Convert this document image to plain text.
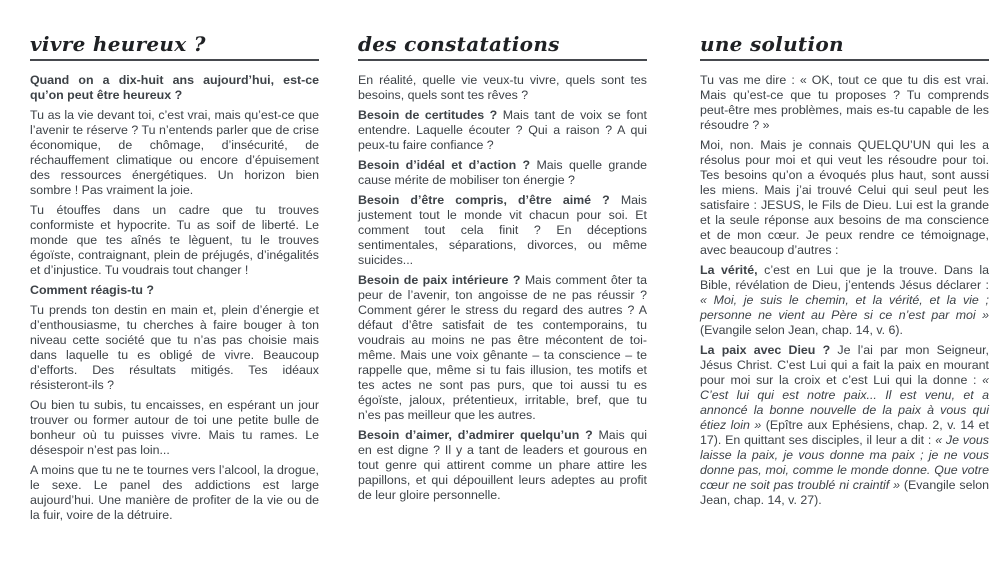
vivre heureux ?

Quand on a dix-huit ans aujourd’hui, est-ce qu’on peut être heureux ?

Tu as la vie devant toi, c’est vrai, mais qu’est-ce que l’avenir te réserve ? Tu n’entends parler que de crise économique, de chômage, d’insécurité, de réchauffement climatique ou encore d’épuisement des ressources énergétiques. Un horizon bien sombre ! Pas vraiment la joie.

Tu étouffes dans un cadre que tu trouves conformiste et hypocrite. Tu as soif de liberté. Le monde que tes aînés te lèguent, tu le trouves égoïste, contraignant, plein de préjugés, d’inégalités et d’injustice. Tu voudrais tout changer !

Comment réagis-tu ?

Tu prends ton destin en main et, plein d’énergie et d’enthousiasme, tu cherches à faire bouger à ton niveau cette société que tu n’as pas choisie mais dans laquelle tu es obligé de vivre. Beaucoup d’efforts. Des résultats mitigés. Tes idéaux résisteront-ils ?

Ou bien tu subis, tu encaisses, en espérant un jour trouver ou former autour de toi une petite bulle de bonheur où tu puisses vivre. Mais tu rames. Le désespoir n’est pas loin...

A moins que tu ne te tournes vers l’alcool, la drogue, le sexe. Le panel des addictions est large aujourd’hui. Une manière de profiter de la vie ou de la fuir, voire de la détruire.

des constatations

En réalité, quelle vie veux-tu vivre, quels sont tes besoins, quels sont tes rêves ?

Besoin de certitudes ? Mais tant de voix se font entendre. Laquelle écouter ? Qui a raison ? A qui peux-tu faire confiance ?

Besoin d’idéal et d’action ? Mais quelle grande cause mérite de mobiliser ton énergie ?

Besoin d’être compris, d’être aimé ? Mais justement tout le monde vit chacun pour soi. Et comment tout cela finit ? En déceptions sentimentales, séparations, divorces, ou même suicides...

Besoin de paix intérieure ? Mais comment ôter ta peur de l’avenir, ton angoisse de ne pas réussir ? Comment gérer le stress du regard des autres ? A défaut d’être satisfait de tes contemporains, tu voudrais au moins ne pas être mécontent de toi-même. Mais une voix gênante – ta conscience – te rappelle que, même si tu fais illusion, tes motifs et tes actes ne sont pas purs, que toi aussi tu es égoïste, jaloux, prétentieux, irritable, bref, que tu n’es pas meilleur que les autres.

Besoin d’aimer, d’admirer quelqu’un ? Mais qui en est digne ? Il y a tant de leaders et gourous en tout genre qui attirent comme un phare attire les papillons, et qui dépouillent leurs adeptes au profit de leur gloire personnelle.

une solution

Tu vas me dire : « OK, tout ce que tu dis est vrai. Mais qu’est-ce que tu proposes ? Tu comprends peut-être mes problèmes, mais es-tu capable de les résoudre ? »

Moi, non. Mais je connais QUELQU’UN qui les a résolus pour moi et qui veut les résoudre pour toi. Tes besoins qu’on a évoqués plus haut, sont aussi les miens. Mais j’ai trouvé Celui qui seul peut les satisfaire : JESUS, le Fils de Dieu. Lui est la grande et la seule réponse aux besoins de ma conscience et de mon cœur. Je peux rendre ce témoignage, avec beaucoup d’autres :

La vérité, c’est en Lui que je la trouve. Dans la Bible, révélation de Dieu, j’entends Jésus déclarer : « Moi, je suis le chemin, et la vérité, et la vie ; personne ne vient au Père si ce n’est par moi » (Evangile selon Jean, chap. 14, v. 6).

La paix avec Dieu ? Je l’ai par mon Seigneur, Jésus Christ. C’est Lui qui a fait la paix en mourant pour moi sur la croix et c’est Lui qui la donne : « C’est lui qui est notre paix... Il est venu, et a annoncé la bonne nouvelle de la paix à vous qui étiez loin » (Epître aux Ephésiens, chap. 2, v. 14 et 17). En quittant ses disciples, il leur a dit : « Je vous laisse la paix, je vous donne ma paix ; je ne vous donne pas, moi, comme le monde donne. Que votre cœur ne soit pas troublé ni craintif » (Evangile selon Jean, chap. 14, v. 27).
